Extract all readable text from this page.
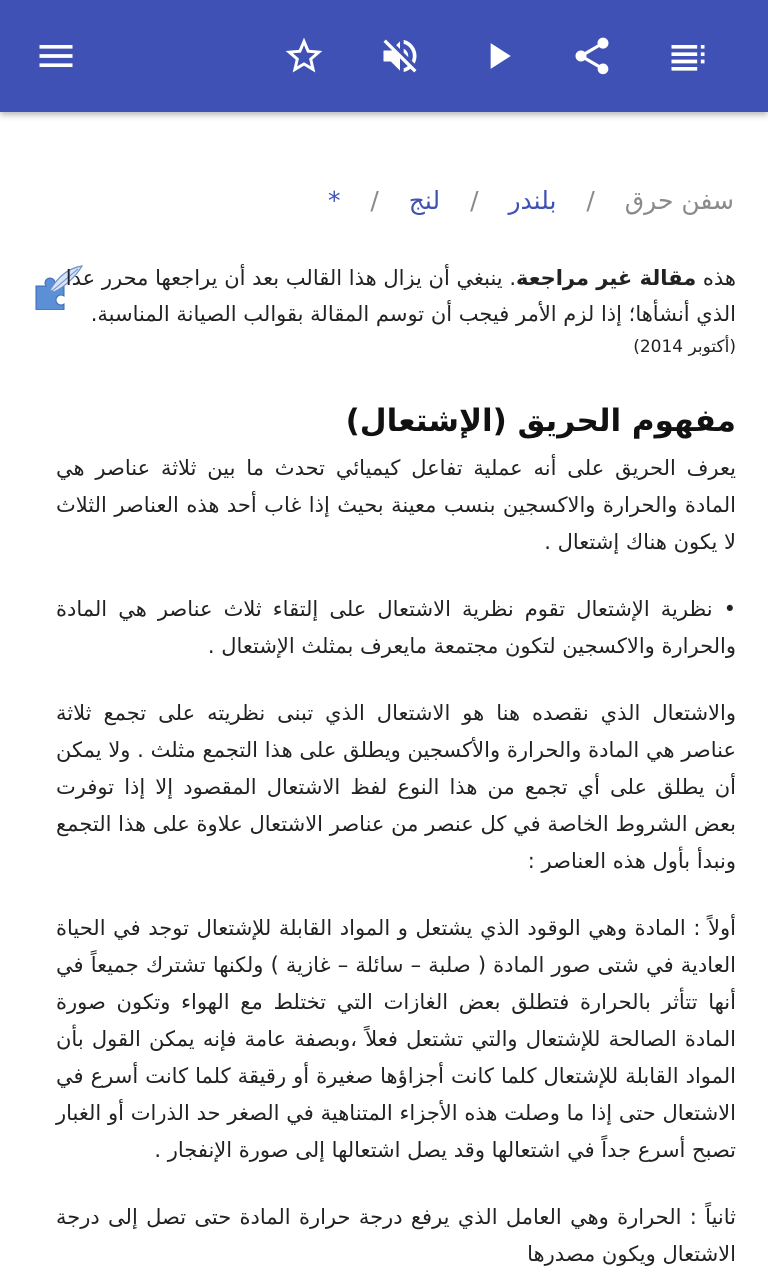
سفن حرق / بلندر / لنج / *
هذه مقالة غير مراجعة. ينبغي أن يزال هذا القالب بعد أن يراجعها محرر عدا الذي أنشأها؛ إذا لزم الأمر فيجب أن توسم المقالة بقوالب الصيانة المناسبة.
(أكتوبر 2014)
مفهوم الحريق (الإشتعال)

يعرف الحريق على أنه عملية تفاعل كيميائي تحدث ما بين ثلاثة عناصر هي المادة والحرارة والاكسجين بنسب معينة بحيث إذا غاب أحد هذه العناصر الثلاث لا يكون هناك إشتعال .

• نظرية الإشتعال تقوم نظرية الاشتعال على إلتقاء ثلاث عناصر هي المادة والحرارة والاكسجين لتكون مجتمعة مايعرف بمثلث الإشتعال .

والاشتعال الذي نقصده هنا هو الاشتعال الذي تبنى نظريته على تجمع ثلاثة عناصر هي المادة والحرارة والأكسجين ويطلق على هذا التجمع مثلث . ولا يمكن أن يطلق على أي تجمع من هذا النوع لفظ الاشتعال المقصود إلا إذا توفرت بعض الشروط الخاصة في كل عنصر من عناصر الاشتعال علاوة على هذا التجمع ونبدأ بأول هذه العناصر :

أولاً : المادة وهي الوقود الذي يشتعل و المواد القابلة للإشتعال توجد في الحياة العادية في شتى صور المادة ( صلبة – سائلة – غازية ) ولكنها تشترك جميعاً في أنها تتأثر بالحرارة فتطلق بعض الغازات التي تختلط مع الهواء وتكون صورة المادة الصالحة للإشتعال والتي تشتعل فعلاً ،وبصفة عامة فإنه يمكن القول بأن المواد القابلة للإشتعال كلما كانت أجزاؤها صغيرة أو رقيقة كلما كانت أسرع في الاشتعال حتى إذا ما وصلت هذه الأجزاء المتناهية في الصغر حد الذرات أو الغبار تصبح أسرع جداً في اشتعالها وقد يصل اشتعالها إلى صورة الإنفجار .

ثانياً : الحرارة وهي العامل الذي يرفع درجة حرارة المادة حتى تصل إلى درجة الاشتعال ويكون مصدرها
